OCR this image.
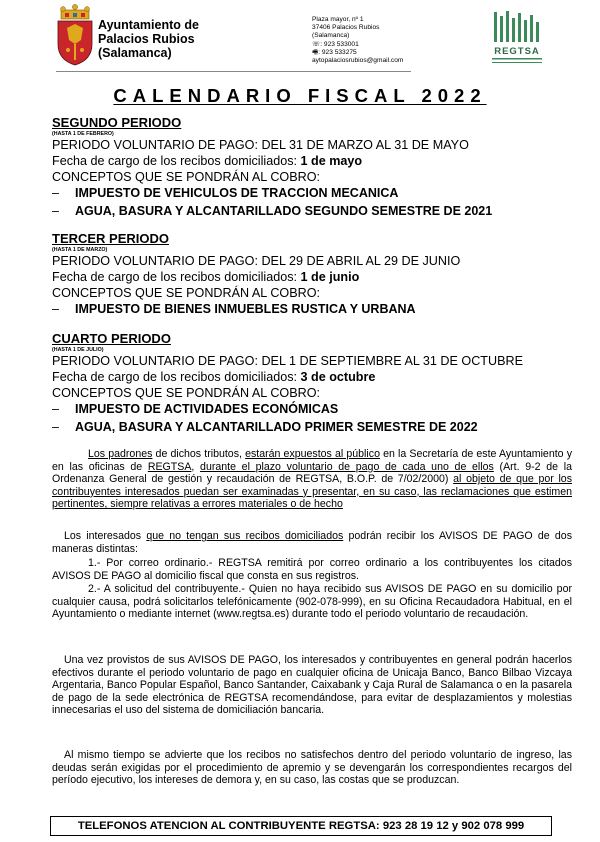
Ayuntamiento de
Palacios Rubios
(Salamanca)
Plaza mayor, nº 1
37406 Palacios Rubios
(Salamanca)
☏: 923 533001
🖷: 923 533275
aytopalaciosrubios@gmail.com
REGTSA
CALENDARIO FISCAL 2022
SEGUNDO PERIODO
(HASTA 1 DE FEBRERO)
PERIODO VOLUNTARIO DE PAGO: DEL 31 DE MARZO AL 31 DE MAYO
Fecha de cargo de los recibos domiciliados: 1 de mayo
CONCEPTOS QUE SE PONDRÁN AL COBRO:
– IMPUESTO DE VEHICULOS DE TRACCION MECANICA
– AGUA, BASURA Y ALCANTARILLADO SEGUNDO SEMESTRE DE 2021
TERCER PERIODO
(HASTA 1 DE MARZO)
PERIODO VOLUNTARIO DE PAGO: DEL 29 DE ABRIL AL 29 DE JUNIO
Fecha de cargo de los recibos domiciliados: 1 de junio
CONCEPTOS QUE SE PONDRÁN AL COBRO:
– IMPUESTO DE BIENES INMUEBLES RUSTICA Y URBANA
CUARTO PERIODO
(HASTA 1 DE JULIO)
PERIODO VOLUNTARIO DE PAGO: DEL 1 DE SEPTIEMBRE AL 31 DE OCTUBRE
Fecha de cargo de los recibos domiciliados: 3 de octubre
CONCEPTOS QUE SE PONDRÁN AL COBRO:
– IMPUESTO DE ACTIVIDADES ECONÓMICAS
– AGUA, BASURA Y ALCANTARILLADO PRIMER SEMESTRE DE 2022
Los padrones de dichos tributos, estarán expuestos al público en la Secretaría de este Ayuntamiento y en las oficinas de REGTSA, durante el plazo voluntario de pago de cada uno de ellos (Art. 9-2 de la Ordenanza General de gestión y recaudación de REGTSA, B.O.P. de 7/02/2000) al objeto de que por los contribuyentes interesados puedan ser examinadas y presentar, en su caso, las reclamaciones que estimen pertinentes, siempre relativas a errores materiales o de hecho
Los interesados que no tengan sus recibos domiciliados podrán recibir los AVISOS DE PAGO de dos maneras distintas:
1.- Por correo ordinario.- REGTSA remitirá por correo ordinario a los contribuyentes los citados AVISOS DE PAGO al domicilio fiscal que consta en sus registros.
2.- A solicitud del contribuyente.- Quien no haya recibido sus AVISOS DE PAGO en su domicilio por cualquier causa, podrá solicitarlos telefónicamente (902-078-999), en su Oficina Recaudadora Habitual, en el Ayuntamiento o mediante internet (www.regtsa.es) durante todo el periodo voluntario de recaudación.
Una vez provistos de sus AVISOS DE PAGO, los interesados y contribuyentes en general podrán hacerlos efectivos durante el periodo voluntario de pago en cualquier oficina de Unicaja Banco, Banco Bilbao Vizcaya Argentaria, Banco Popular Español, Banco Santander, Caixabank y Caja Rural de Salamanca o en la pasarela de pago de la sede electrónica de REGTSA recomendándose, para evitar de desplazamientos y molestias innecesarias el uso del sistema de domiciliación bancaria.
Al mismo tiempo se advierte que los recibos no satisfechos dentro del periodo voluntario de ingreso, las deudas serán exigidas por el procedimiento de apremio y se devengarán los correspondientes recargos del período ejecutivo, los intereses de demora y, en su caso, las costas que se produzcan.
TELEFONOS ATENCION AL CONTRIBUYENTE REGTSA: 923 28 19 12 y 902 078 999
